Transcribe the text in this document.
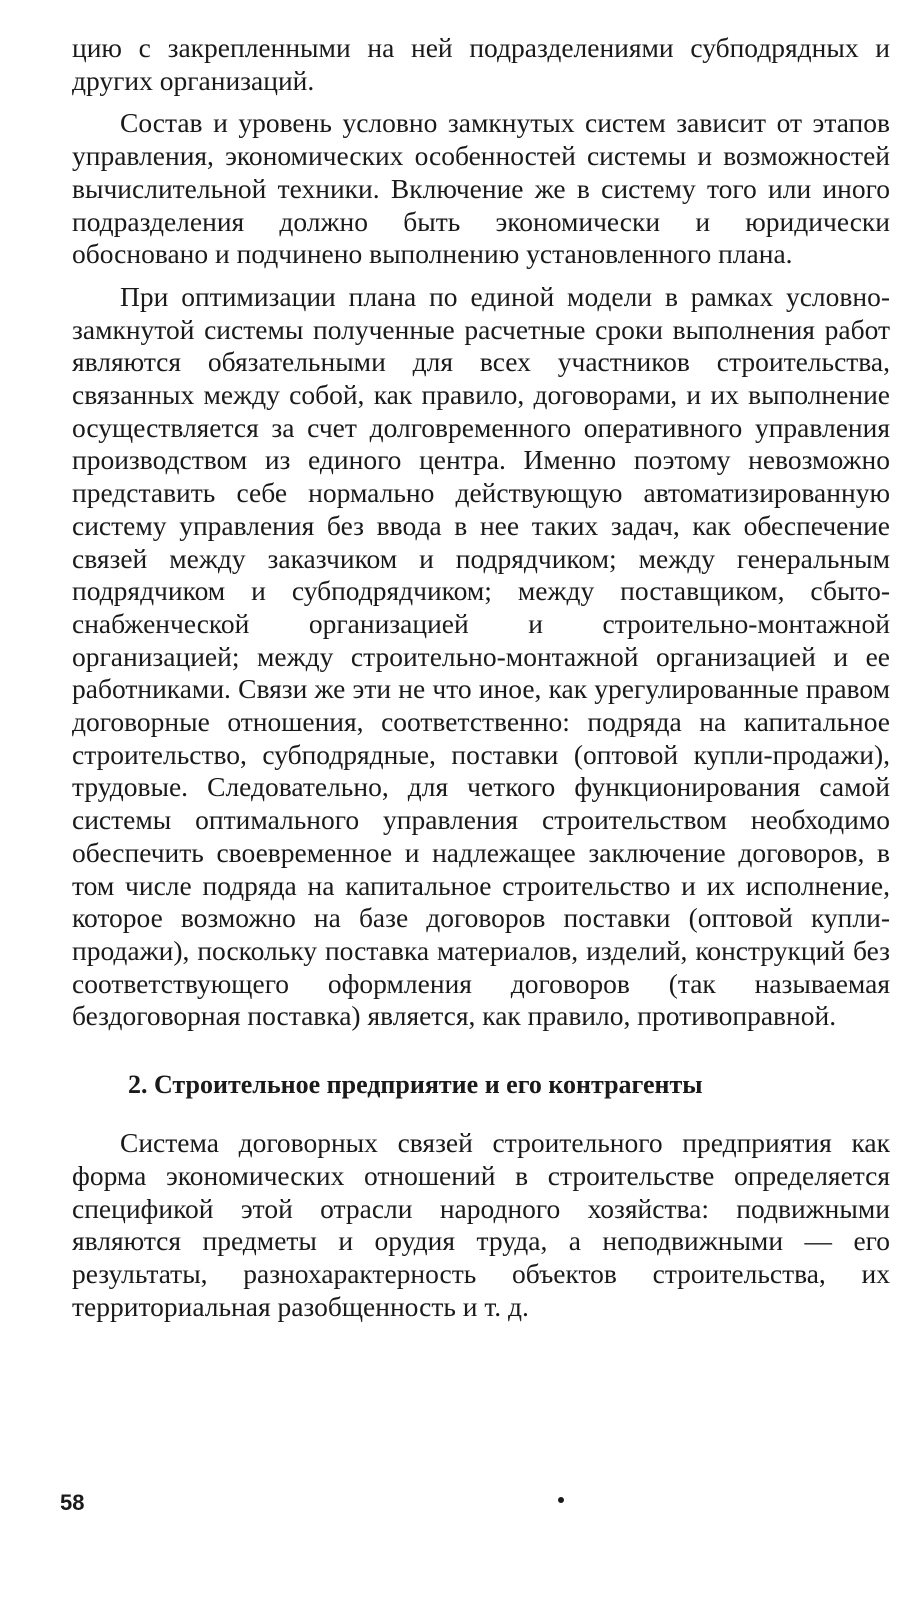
цию с закрепленными на ней подразделениями субподрядных и других организаций.

Состав и уровень условно замкнутых систем зависит от этапов управления, экономических особенностей системы и возможностей вычислительной техники. Включение же в систему того или иного подразделения должно быть экономически и юридически обосновано и подчинено выполнению установленного плана.

При оптимизации плана по единой модели в рамках условно-замкнутой системы полученные расчетные сроки выполнения работ являются обязательными для всех участников строительства, связанных между собой, как правило, договорами, и их выполнение осуществляется за счет долговременного оперативного управления производством из единого центра. Именно поэтому невозможно представить себе нормально действующую автоматизированную систему управления без ввода в нее таких задач, как обеспечение связей между заказчиком и подрядчиком; между генеральным подрядчиком и субподрядчиком; между поставщиком, сбыто-снабженческой организацией и строительно-монтажной организацией; между строительно-монтажной организацией и ее работниками. Связи же эти не что иное, как урегулированные правом договорные отношения, соответственно: подряда на капитальное строительство, субподрядные, поставки (оптовой купли-продажи), трудовые. Следовательно, для четкого функционирования самой системы оптимального управления строительством необходимо обеспечить своевременное и надлежащее заключение договоров, в том числе подряда на капитальное строительство и их исполнение, которое возможно на базе договоров поставки (оптовой купли-продажи), поскольку поставка материалов, изделий, конструкций без соответствующего оформления договоров (так называемая бездоговорная поставка) является, как правило, противоправной.

2. Строительное предприятие и его контрагенты

Система договорных связей строительного предприятия как форма экономических отношений в строительстве определяется спецификой этой отрасли народного хозяйства: подвижными являются предметы и орудия труда, а неподвижными — его результаты, разнохарактерность объектов строительства, их территориальная разобщенность и т. д.

58
